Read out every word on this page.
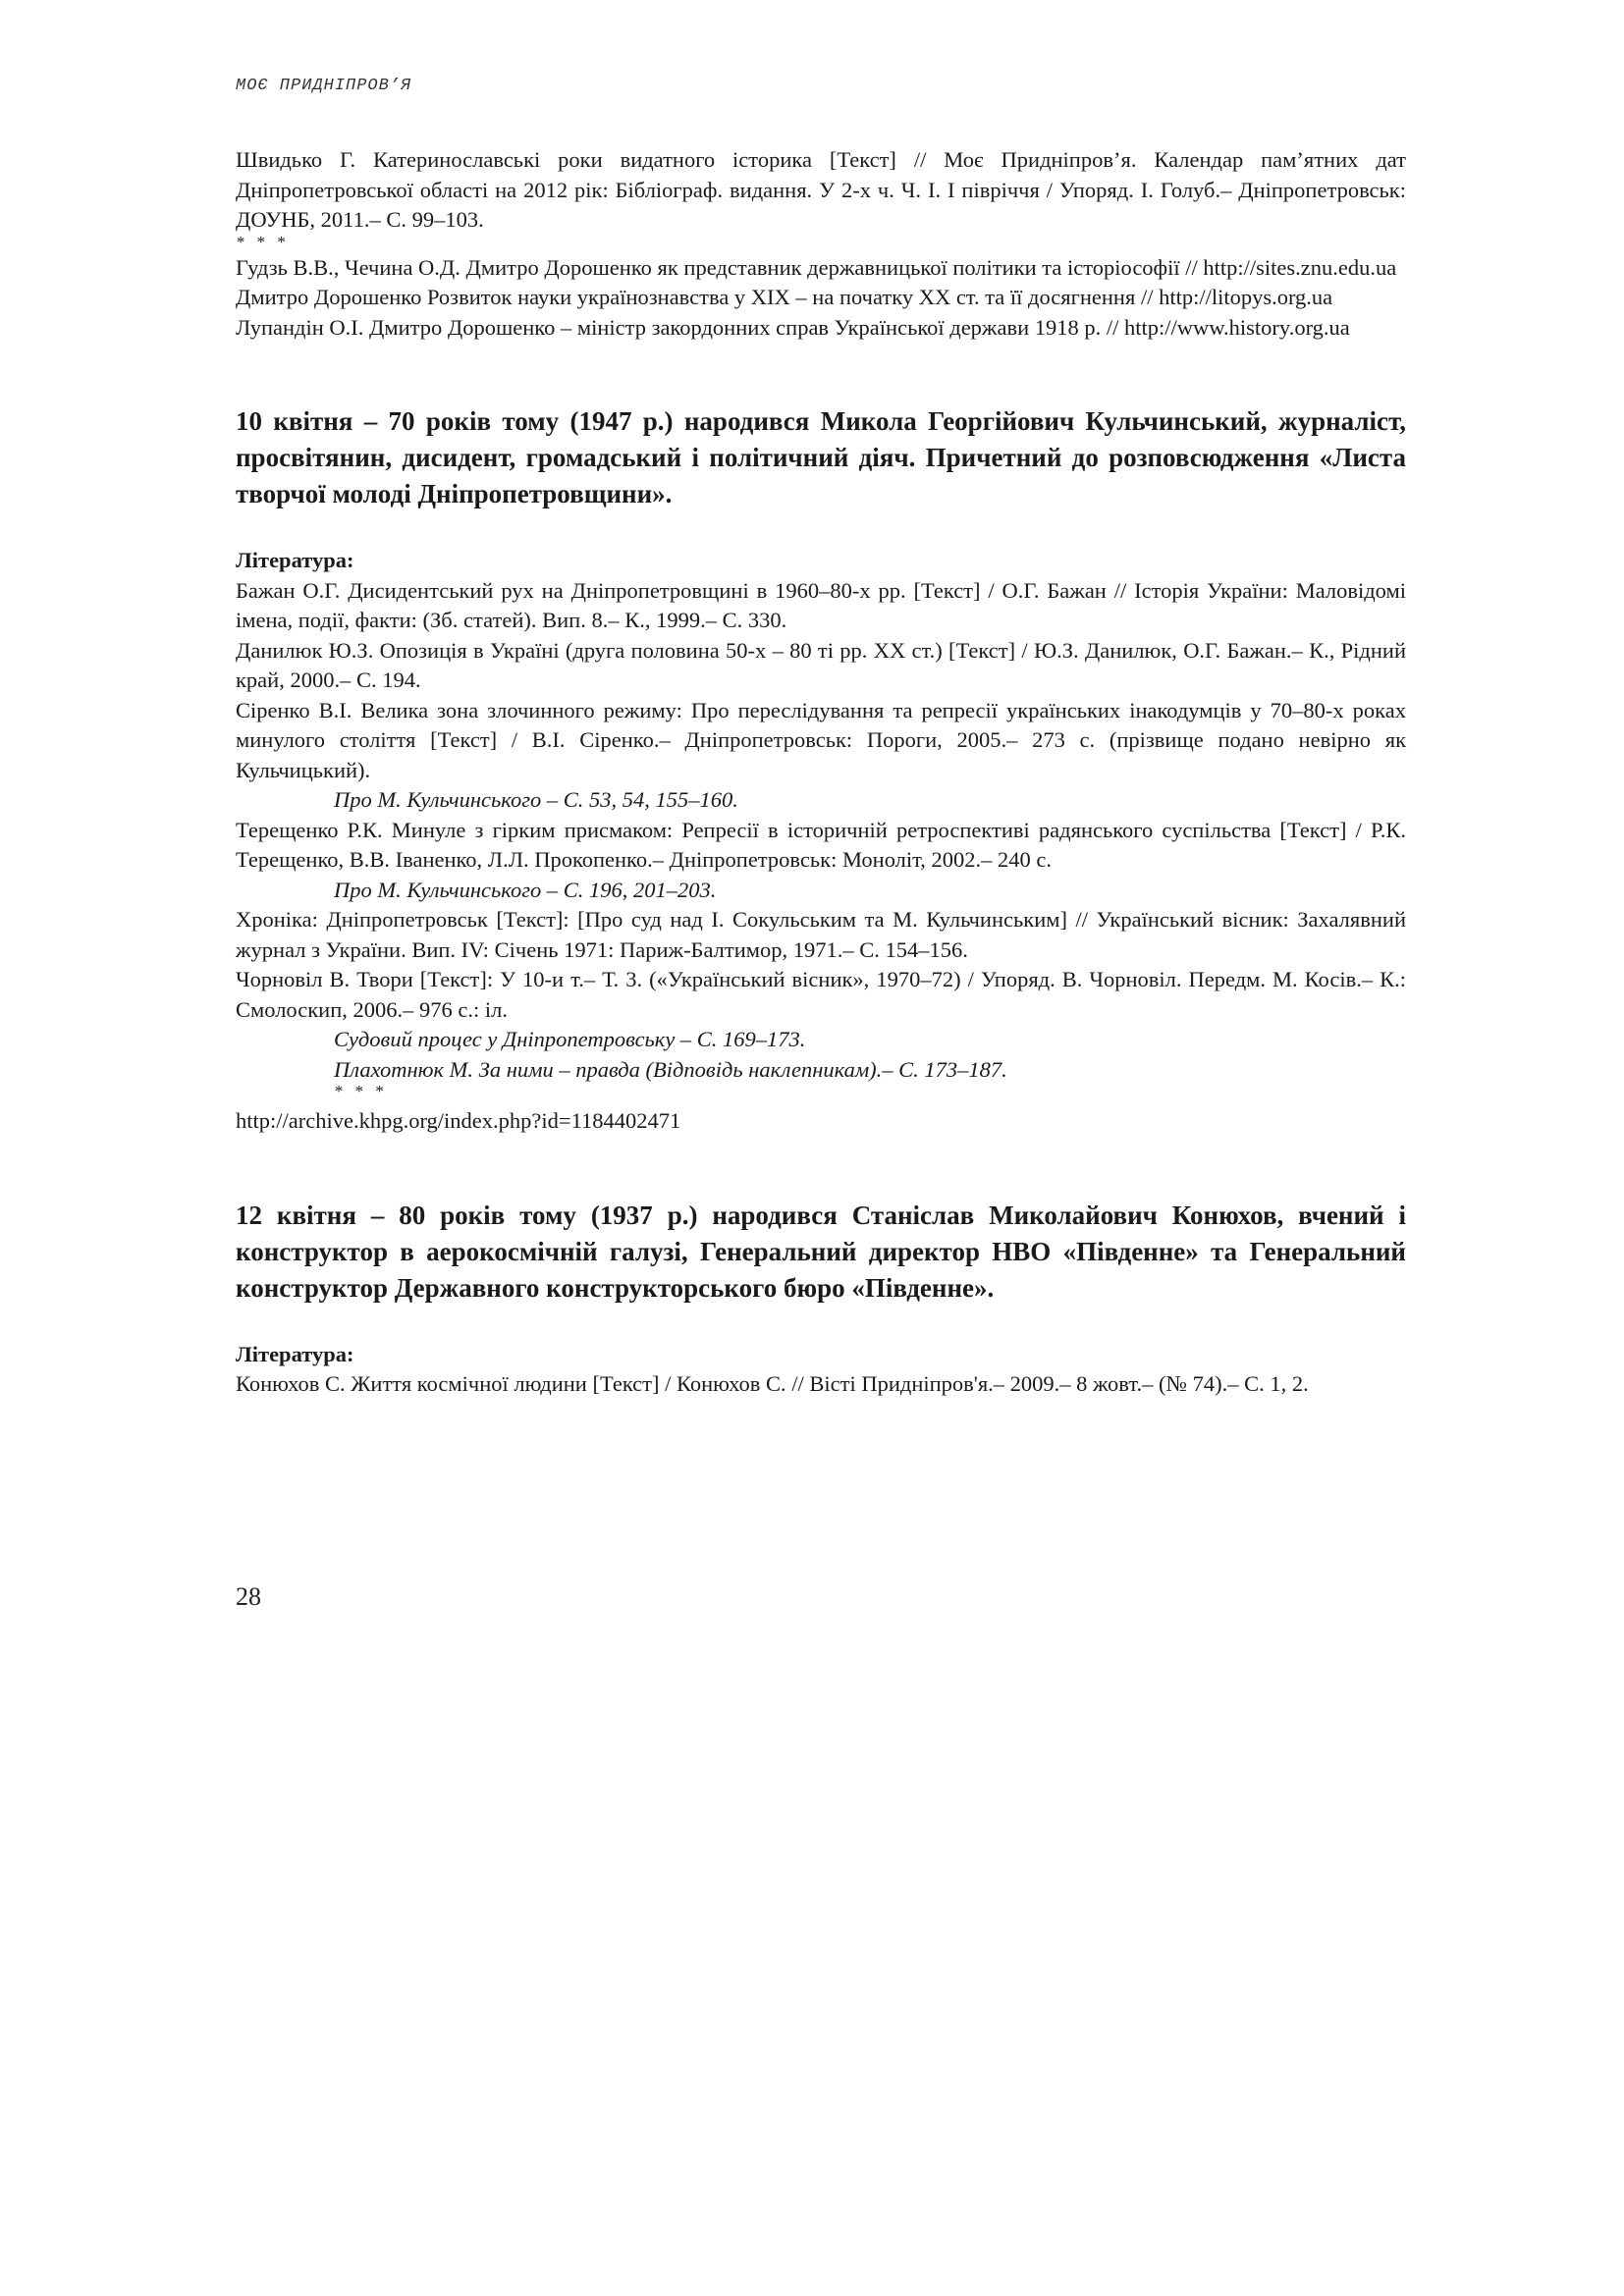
МОЄ ПРИДНІПРОВ’Я

Швидько Г. Катеринославські роки видатного історика [Текст] // Моє Придніпров’я. Календар пам’ятних дат Дніпропетровської області на 2012 рік: Бібліограф. видання. У 2-х ч. Ч. І. І півріччя / Упоряд. І. Голуб.– Дніпропетровськ: ДОУНБ, 2011.– С. 99–103.

* * *

Гудзь В.В., Чечина О.Д. Дмитро Дорошенко як представник державницької політики та історіософії // http://sites.znu.edu.ua

Дмитро Дорошенко Розвиток науки українознавства у ХІХ – на початку ХХ ст. та її досягнення // http://litopys.org.ua

Лупандін О.І. Дмитро Дорошенко – міністр закордонних справ Української держави 1918 р. // http://www.history.org.ua

10 квітня – 70 років тому (1947 р.) народився Микола Георгійович Кульчинський, журналіст, просвітянин, дисидент, громадський і політичний діяч. Причетний до розповсюдження «Листа творчої молоді Дніпропетровщини».

Література:

Бажан О.Г. Дисидентський рух на Дніпропетровщині в 1960–80-х рр. [Текст] / О.Г. Бажан // Історія України: Маловідомі імена, події, факти: (Зб. статей). Вип. 8.– К., 1999.– С. 330.

Данилюк Ю.З. Опозиція в Україні (друга половина 50-х – 80 ті рр. ХХ ст.) [Текст] / Ю.З. Данилюк, О.Г. Бажан.– К., Рідний край, 2000.– С. 194.

Сіренко В.І. Велика зона злочинного режиму: Про переслідування та репресії українських інакодумців у 70–80-х роках минулого століття [Текст] / В.І. Сіренко.– Дніпропетровськ: Пороги, 2005.– 273 с. (прізвище подано невірно як Кульчицький).

Про М. Кульчинського – С. 53, 54, 155–160.

Терещенко Р.К. Минуле з гірким присмаком: Репресії в історичній ретроспективі радянського суспільства [Текст] / Р.К. Терещенко, В.В. Іваненко, Л.Л. Прокопенко.– Дніпропетровськ: Моноліт, 2002.– 240 с.

Про М. Кульчинського – С. 196, 201–203.

Хроніка: Дніпропетровськ [Текст]: [Про суд над І. Сокульським та М. Кульчинським] // Український вісник: Захалявний журнал з України. Вип. IV: Січень 1971: Париж-Балтимор, 1971.– С. 154–156.

Чорновіл В. Твори [Текст]: У 10-и т.– Т. 3. («Український вісник», 1970–72) / Упоряд. В. Чорновіл. Передм. М. Косів.– К.: Смолоскип, 2006.– 976 с.: іл.

Судовий процес у Дніпропетровську – С. 169–173.

Плахотнюк М. За ними – правда (Відповідь наклепникам).– С. 173–187.

* * *

http://archive.khpg.org/index.php?id=1184402471

12 квітня – 80 років тому (1937 р.) народився Станіслав Миколайович Конюхов, вчений і конструктор в аерокосмічній галузі, Генеральний директор НВО «Південне» та Генеральний конструктор Державного конструкторського бюро «Південне».

Література:

Конюхов С. Життя космічної людини [Текст] / Конюхов С. // Вісті Придніпров'я.– 2009.– 8 жовт.– (№ 74).– С. 1, 2.

28
